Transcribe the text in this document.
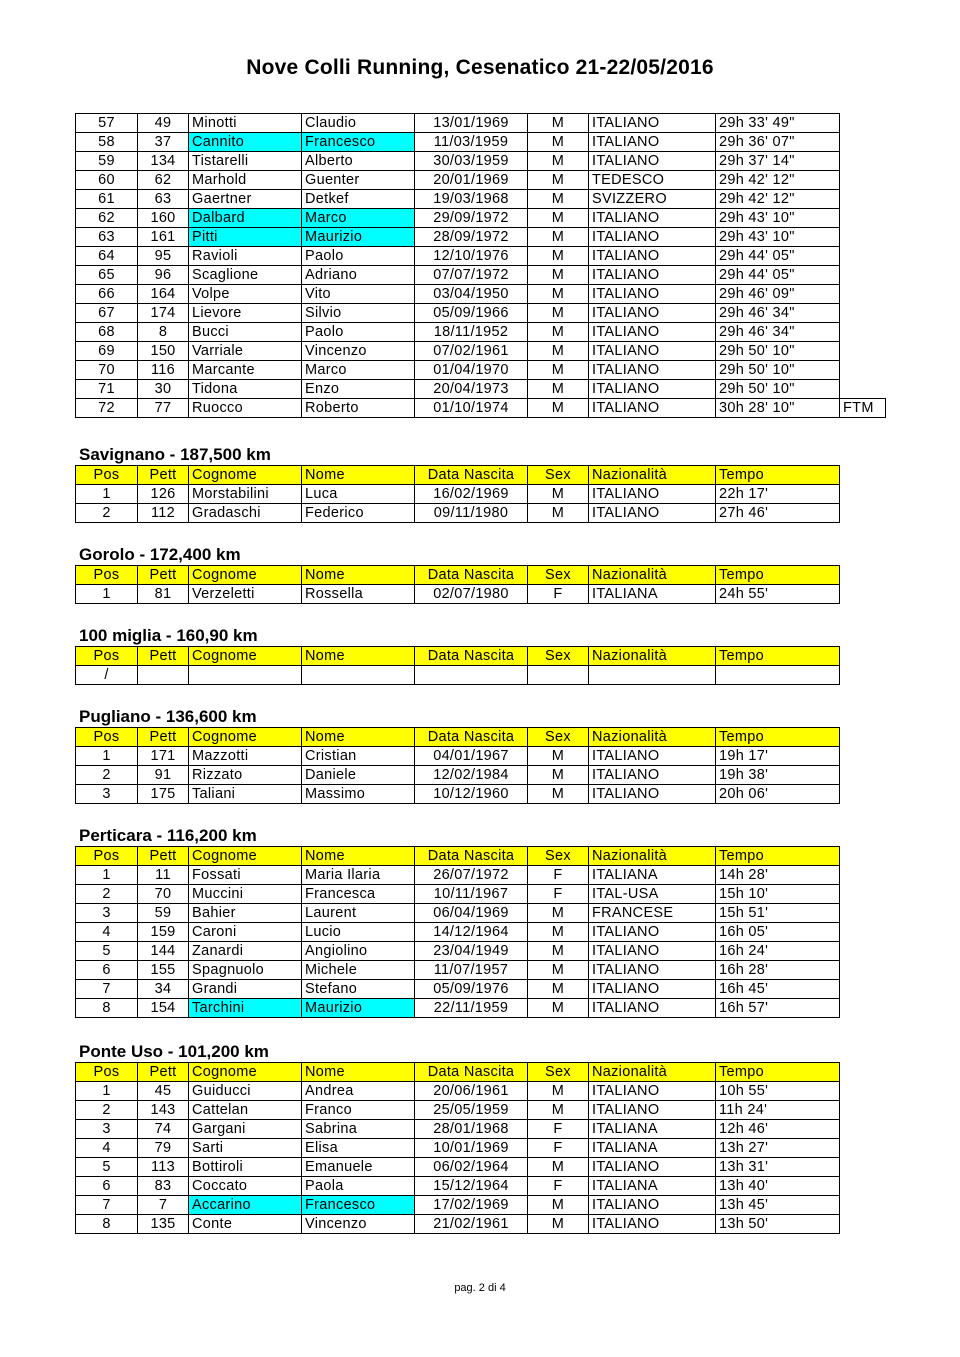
Nove Colli Running, Cesenatico 21-22/05/2016
57	49	Minotti	Claudio	13/01/1969	M	ITALIANO	29h 33' 49"	
58	37	Cannito	Francesco	11/03/1959	M	ITALIANO	29h 36' 07"	
59	134	Tistarelli	Alberto	30/03/1959	M	ITALIANO	29h 37' 14"	
60	62	Marhold	Guenter	20/01/1969	M	TEDESCO	29h 42' 12"	
61	63	Gaertner	Detkef	19/03/1968	M	SVIZZERO	29h 42' 12"	
62	160	Dalbard	Marco	29/09/1972	M	ITALIANO	29h 43' 10"	
63	161	Pitti	Maurizio	28/09/1972	M	ITALIANO	29h 43' 10"	
64	95	Ravioli	Paolo	12/10/1976	M	ITALIANO	29h 44' 05"	
65	96	Scaglione	Adriano	07/07/1972	M	ITALIANO	29h 44' 05"	
66	164	Volpe	Vito	03/04/1950	M	ITALIANO	29h 46' 09"	
67	174	Lievore	Silvio	05/09/1966	M	ITALIANO	29h 46' 34"	
68	8	Bucci	Paolo	18/11/1952	M	ITALIANO	29h 46' 34"	
69	150	Varriale	Vincenzo	07/02/1961	M	ITALIANO	29h 50' 10"	
70	116	Marcante	Marco	01/04/1970	M	ITALIANO	29h 50' 10"	
71	30	Tidona	Enzo	20/04/1973	M	ITALIANO	29h 50' 10"	
72	77	Ruocco	Roberto	01/10/1974	M	ITALIANO	30h 28' 10"	FTM
Savignano - 187,500 km
Pos	Pett	Cognome	Nome	Data Nascita	Sex	Nazionalità	Tempo
1	126	Morstabilini	Luca	16/02/1969	M	ITALIANO	22h 17'
2	112	Gradaschi	Federico	09/11/1980	M	ITALIANO	27h 46'
Gorolo - 172,400 km
Pos	Pett	Cognome	Nome	Data Nascita	Sex	Nazionalità	Tempo
1	81	Verzeletti	Rossella	02/07/1980	F	ITALIANA	24h 55'
100 miglia - 160,90 km
Pos	Pett	Cognome	Nome	Data Nascita	Sex	Nazionalità	Tempo
/							
Pugliano - 136,600 km
Pos	Pett	Cognome	Nome	Data Nascita	Sex	Nazionalità	Tempo
1	171	Mazzotti	Cristian	04/01/1967	M	ITALIANO	19h 17'
2	91	Rizzato	Daniele	12/02/1984	M	ITALIANO	19h 38'
3	175	Taliani	Massimo	10/12/1960	M	ITALIANO	20h 06'
Perticara - 116,200 km
Pos	Pett	Cognome	Nome	Data Nascita	Sex	Nazionalità	Tempo
1	11	Fossati	Maria Ilaria	26/07/1972	F	ITALIANA	14h 28'
2	70	Muccini	Francesca	10/11/1967	F	ITAL-USA	15h 10'
3	59	Bahier	Laurent	06/04/1969	M	FRANCESE	15h 51'
4	159	Caroni	Lucio	14/12/1964	M	ITALIANO	16h 05'
5	144	Zanardi	Angiolino	23/04/1949	M	ITALIANO	16h 24'
6	155	Spagnuolo	Michele	11/07/1957	M	ITALIANO	16h 28'
7	34	Grandi	Stefano	05/09/1976	M	ITALIANO	16h 45'
8	154	Tarchini	Maurizio	22/11/1959	M	ITALIANO	16h 57'
Ponte Uso - 101,200 km
Pos	Pett	Cognome	Nome	Data Nascita	Sex	Nazionalità	Tempo
1	45	Guiducci	Andrea	20/06/1961	M	ITALIANO	10h 55'
2	143	Cattelan	Franco	25/05/1959	M	ITALIANO	11h 24'
3	74	Gargani	Sabrina	28/01/1968	F	ITALIANA	12h 46'
4	79	Sarti	Elisa	10/01/1969	F	ITALIANA	13h 27'
5	113	Bottiroli	Emanuele	06/02/1964	M	ITALIANO	13h 31'
6	83	Coccato	Paola	15/12/1964	F	ITALIANA	13h 40'
7	7	Accarino	Francesco	17/02/1969	M	ITALIANO	13h 45'
8	135	Conte	Vincenzo	21/02/1961	M	ITALIANO	13h 50'
pag. 2 di 4
